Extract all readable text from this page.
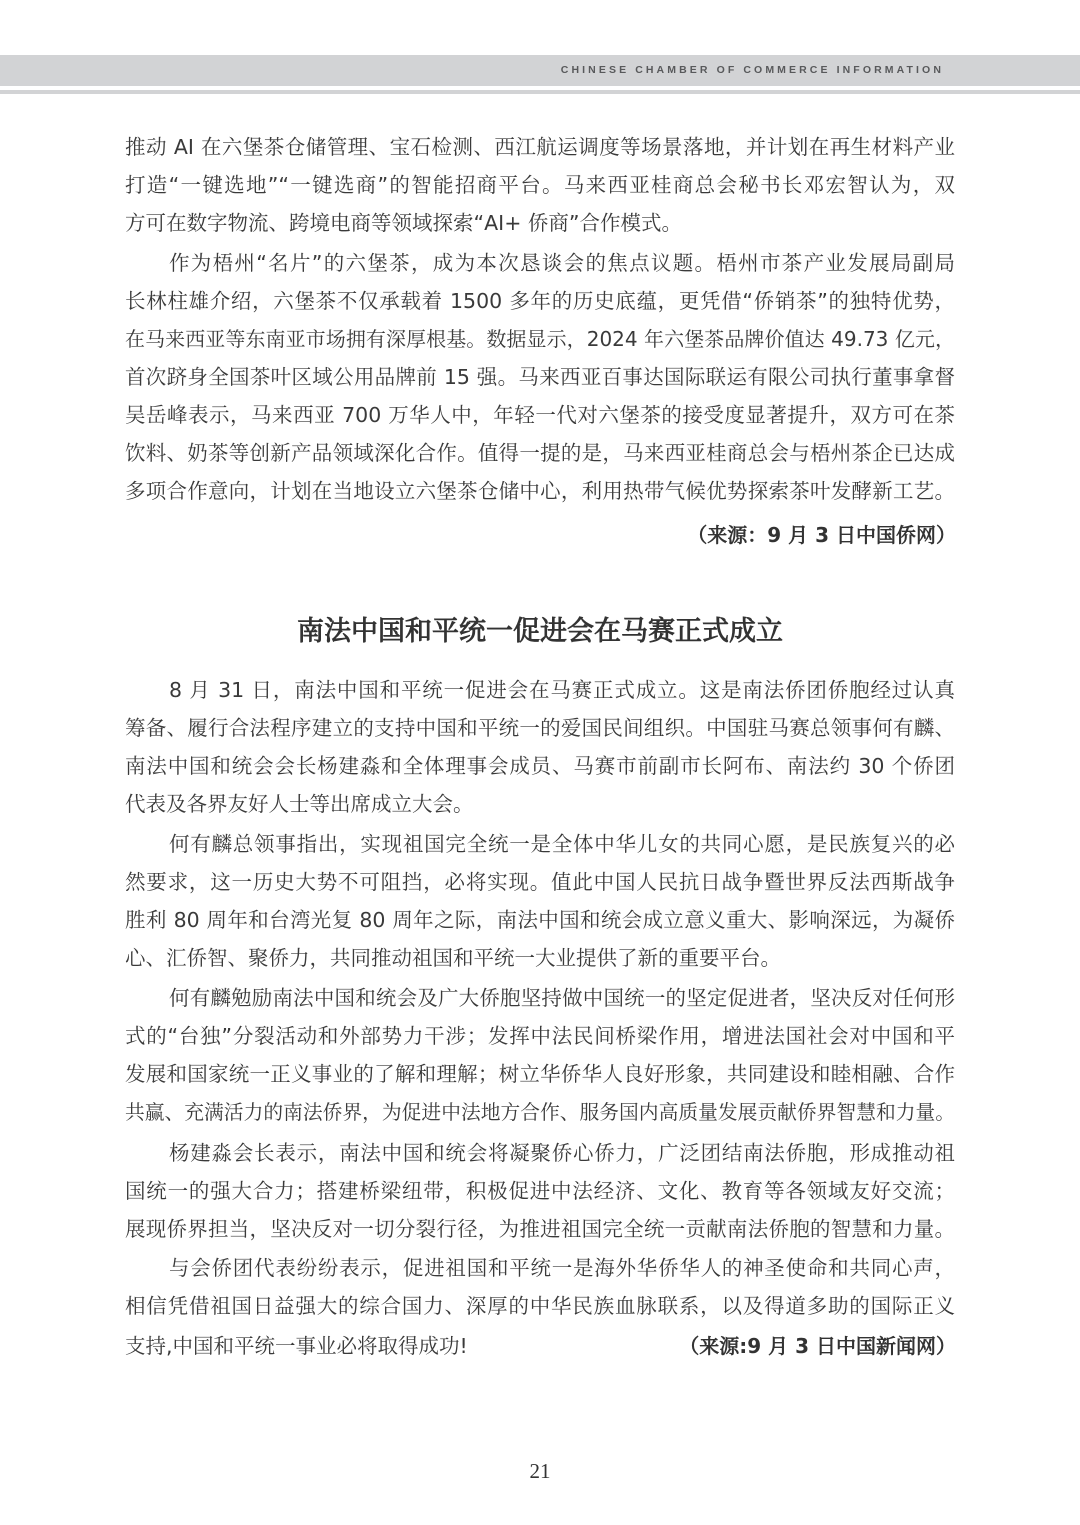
CHINESE CHAMBER OF COMMERCE INFORMATION
推动 AI 在六堡茶仓储管理、宝石检测、西江航运调度等场景落地，并计划在再生材料产业
打造“一键选地”“一键选商”的智能招商平台。马来西亚桂商总会秘书长邓宏智认为，双
方可在数字物流、跨境电商等领域探索“AI+ 侨商”合作模式。
作为梧州“名片”的六堡茶，成为本次恳谈会的焦点议题。梧州市茶产业发展局副局
长林柱雄介绍，六堡茶不仅承载着 1500 多年的历史底蕴，更凭借“侨销茶”的独特优势，
在马来西亚等东南亚市场拥有深厚根基。数据显示，2024 年六堡茶品牌价值达 49.73 亿元，
首次跻身全国茶叶区域公用品牌前 15 强。马来西亚百事达国际联运有限公司执行董事拿督
吴岳峰表示，马来西亚 700 万华人中，年轻一代对六堡茶的接受度显著提升，双方可在茶
饮料、奶茶等创新产品领域深化合作。值得一提的是，马来西亚桂商总会与梧州茶企已达成
多项合作意向，计划在当地设立六堡茶仓储中心，利用热带气候优势探索茶叶发酵新工艺。
（来源：9 月 3 日中国侨网）
南法中国和平统一促进会在马赛正式成立
8 月 31 日，南法中国和平统一促进会在马赛正式成立。这是南法侨团侨胞经过认真
筹备、履行合法程序建立的支持中国和平统一的爱国民间组织。中国驻马赛总领事何有麟、
南法中国和统会会长杨建淼和全体理事会成员、马赛市前副市长阿布、南法约 30 个侨团
代表及各界友好人士等出席成立大会。
何有麟总领事指出，实现祖国完全统一是全体中华儿女的共同心愿，是民族复兴的必
然要求，这一历史大势不可阻挡，必将实现。值此中国人民抗日战争暨世界反法西斯战争
胜利 80 周年和台湾光复 80 周年之际，南法中国和统会成立意义重大、影响深远，为凝侨
心、汇侨智、聚侨力，共同推动祖国和平统一大业提供了新的重要平台。
何有麟勉励南法中国和统会及广大侨胞坚持做中国统一的坚定促进者，坚决反对任何形
式的“台独”分裂活动和外部势力干涉；发挥中法民间桥梁作用，增进法国社会对中国和平
发展和国家统一正义事业的了解和理解；树立华侨华人良好形象，共同建设和睦相融、合作
共赢、充满活力的南法侨界，为促进中法地方合作、服务国内高质量发展贡献侨界智慧和力量。
杨建淼会长表示，南法中国和统会将凝聚侨心侨力，广泛团结南法侨胞，形成推动祖
国统一的强大合力；搭建桥梁纽带，积极促进中法经济、文化、教育等各领域友好交流；
展现侨界担当，坚决反对一切分裂行径，为推进祖国完全统一贡献南法侨胞的智慧和力量。
与会侨团代表纷纷表示，促进祖国和平统一是海外华侨华人的神圣使命和共同心声，
相信凭借祖国日益强大的综合国力、深厚的中华民族血脉联系，以及得道多助的国际正义
支持,中国和平统一事业必将取得成功!	（来源:9 月 3 日中国新闻网）
21
